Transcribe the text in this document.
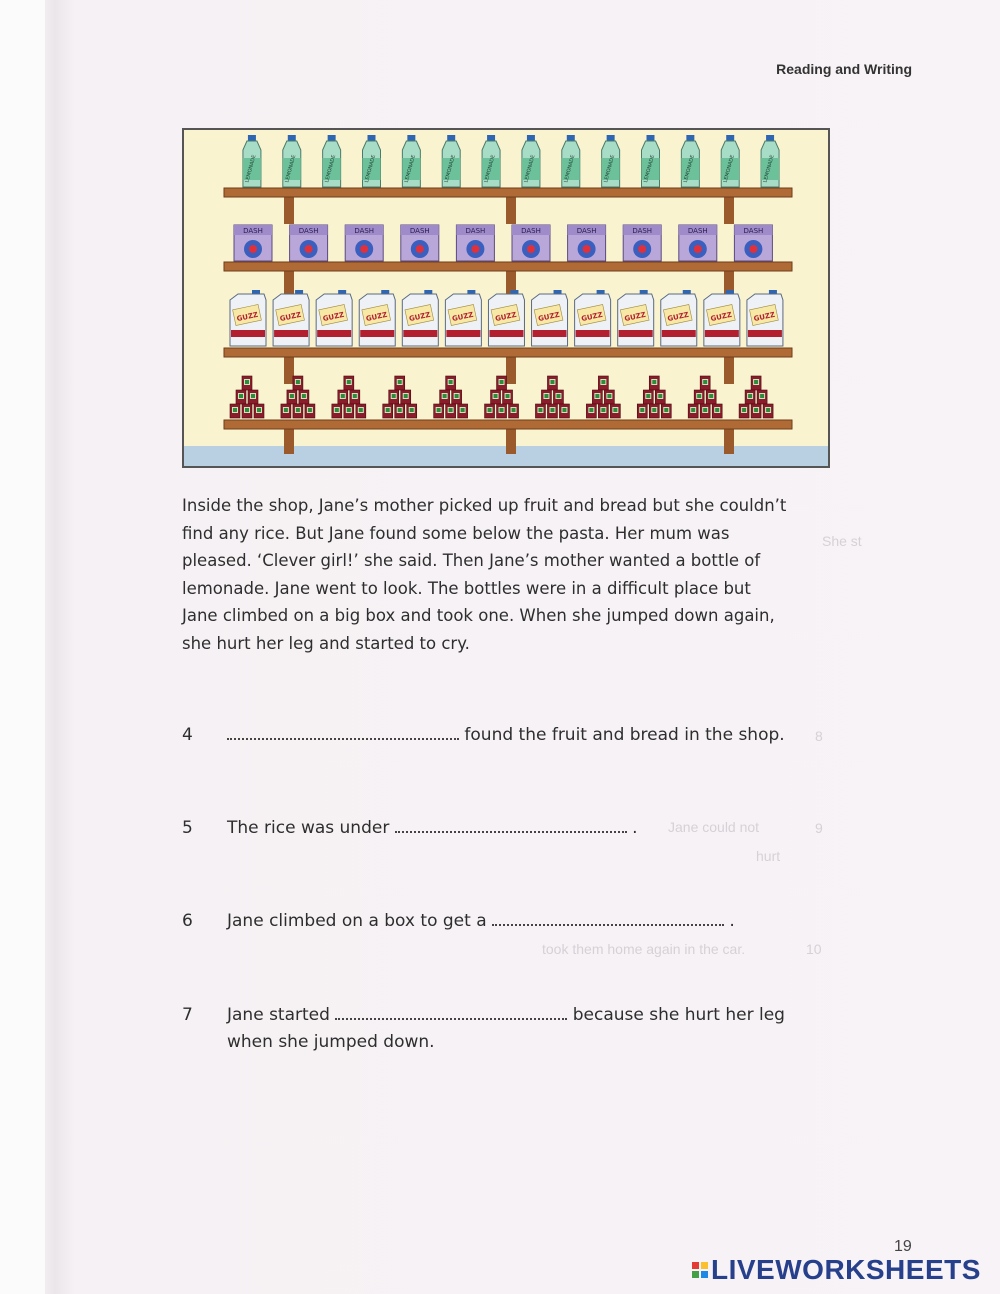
Reading and Writing
She st
Jane could not
hurt
took them home again in the car.
8
9
10
LEMONADE	LEMONADE	LEMONADE	LEMONADE	LEMONADE	LEMONADE	LEMONADE	LEMONADE	LEMONADE	LEMONADE	LEMONADE	LEMONADE	LEMONADE	LEMONADE
DASH	DASH	DASH	DASH	DASH	DASH	DASH	DASH	DASH	DASH
GUZZ	GUZZ	GUZZ	GUZZ	GUZZ	GUZZ	GUZZ	GUZZ	GUZZ	GUZZ	GUZZ	GUZZ	GUZZ

Inside the shop, Jane’s mother picked up fruit and bread but she couldn’t

find any rice. But Jane found some below the pasta. Her mum was

pleased. ‘Clever girl!’ she said. Then Jane’s mother wanted a bottle of

lemonade. Jane went to look. The bottles were in a difficult place but

Jane climbed on a big box and took one. When she jumped down again,

she hurt her leg and started to cry.

4	found the fruit and bread in the shop.
5	The rice was under	.
6	Jane climbed on a box to get a	.
7	Jane started	because she hurt her leg
when she jumped down.
19
LIVEWORKSHEETS
